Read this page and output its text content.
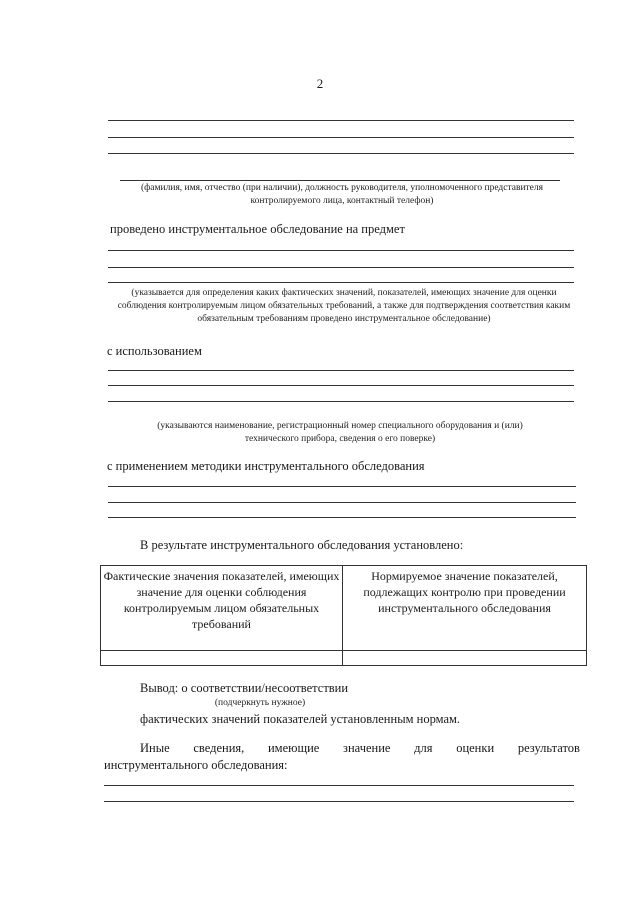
2
(фамилия, имя, отчество (при наличии), должность руководителя, уполномоченного представителя контролируемого лица, контактный телефон)
проведено инструментальное обследование на предмет
(указывается для определения каких фактических значений, показателей, имеющих значение для оценки соблюдения контролируемым лицом обязательных требований, а также для подтверждения соответствия каким обязательным требованиям проведено инструментальное обследование)
с использованием
(указываются наименование, регистрационный номер специального оборудования и (или) технического прибора, сведения о его поверке)
с применением методики инструментального обследования
В результате инструментального обследования установлено:
Фактические значения показателей, имеющих значение для оценки соблюдения контролируемым лицом обязательных требований	Нормируемое значение показателей, подлежащих контролю при проведении инструментального обследования

Вывод: о соответствии/несоответствии
(подчеркнуть нужное)
фактических значений показателей установленным нормам.
Иные сведения, имеющие значение для оценки результатов
инструментального обследования:
